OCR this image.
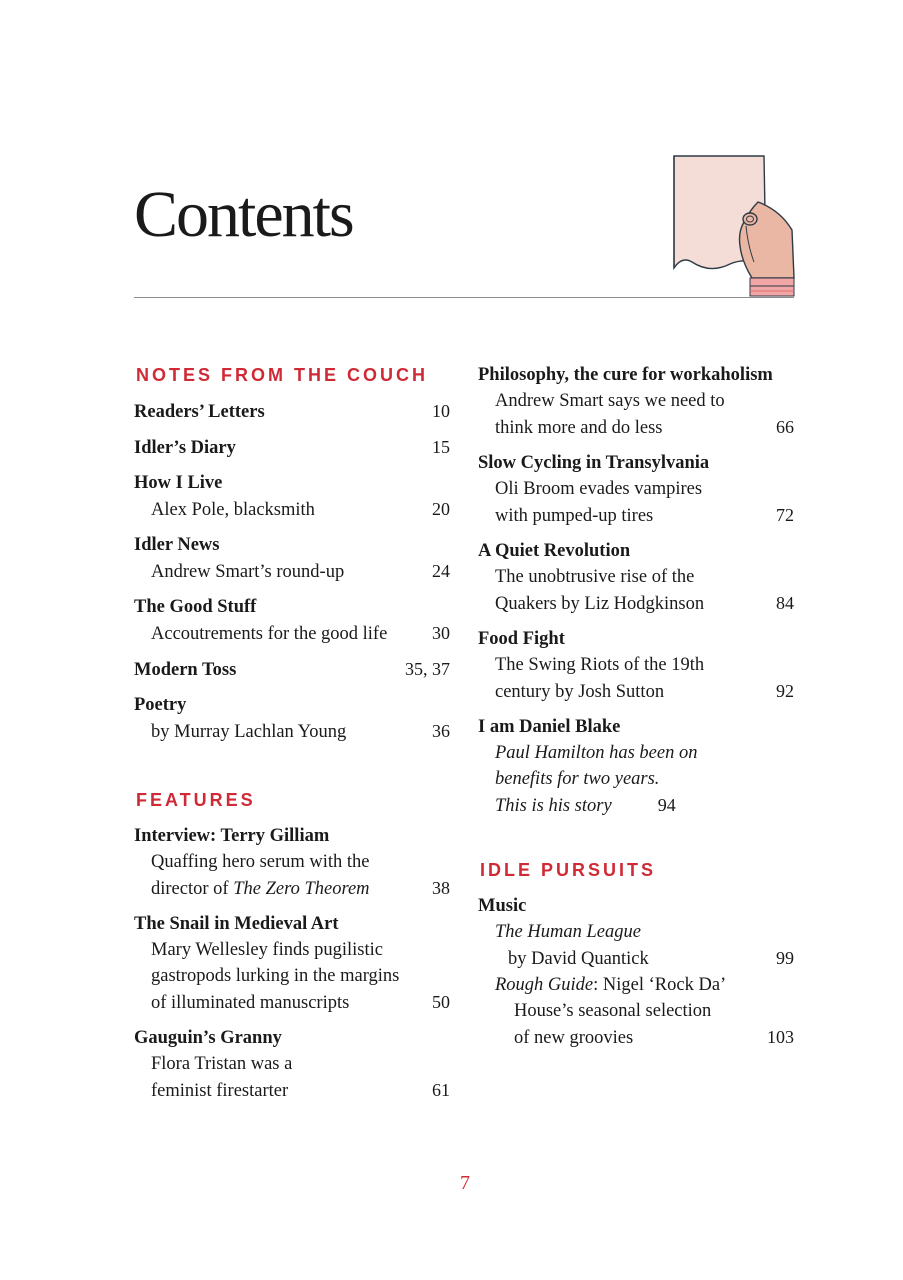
Contents
NOTES FROM THE COUCH
Readers’ Letters	10
Idler’s Diary	15
How I Live
Alex Pole, blacksmith	20
Idler News
Andrew Smart’s round-up	24
The Good Stuff
Accoutrements for the good life 30
Modern Toss	35, 37
Poetry
by Murray Lachlan Young	36
FEATURES
Interview: Terry Gilliam
Quaffing hero serum with the
director of The Zero Theorem	38
The Snail in Medieval Art
Mary Wellesley finds pugilistic
gastropods lurking in the margins
of illuminated manuscripts	50
Gauguin’s Granny
Flora Tristan was a
feminist firestarter	61
Philosophy, the cure for workaholism
Andrew Smart says we need to
think more and do less	66
Slow Cycling in Transylvania
Oli Broom evades vampires
with pumped-up tires	72
A Quiet Revolution
The unobtrusive rise of the
Quakers by Liz Hodgkinson	84
Food Fight
The Swing Riots of the 19th
century by Josh Sutton	92
I am Daniel Blake
Paul Hamilton has been on
benefits for two years.
This is his story	94
IDLE PURSUITS
Music
The Human League
by David Quantick	99
Rough Guide: Nigel ‘Rock Da’
House’s seasonal selection
of new groovies	103
7
